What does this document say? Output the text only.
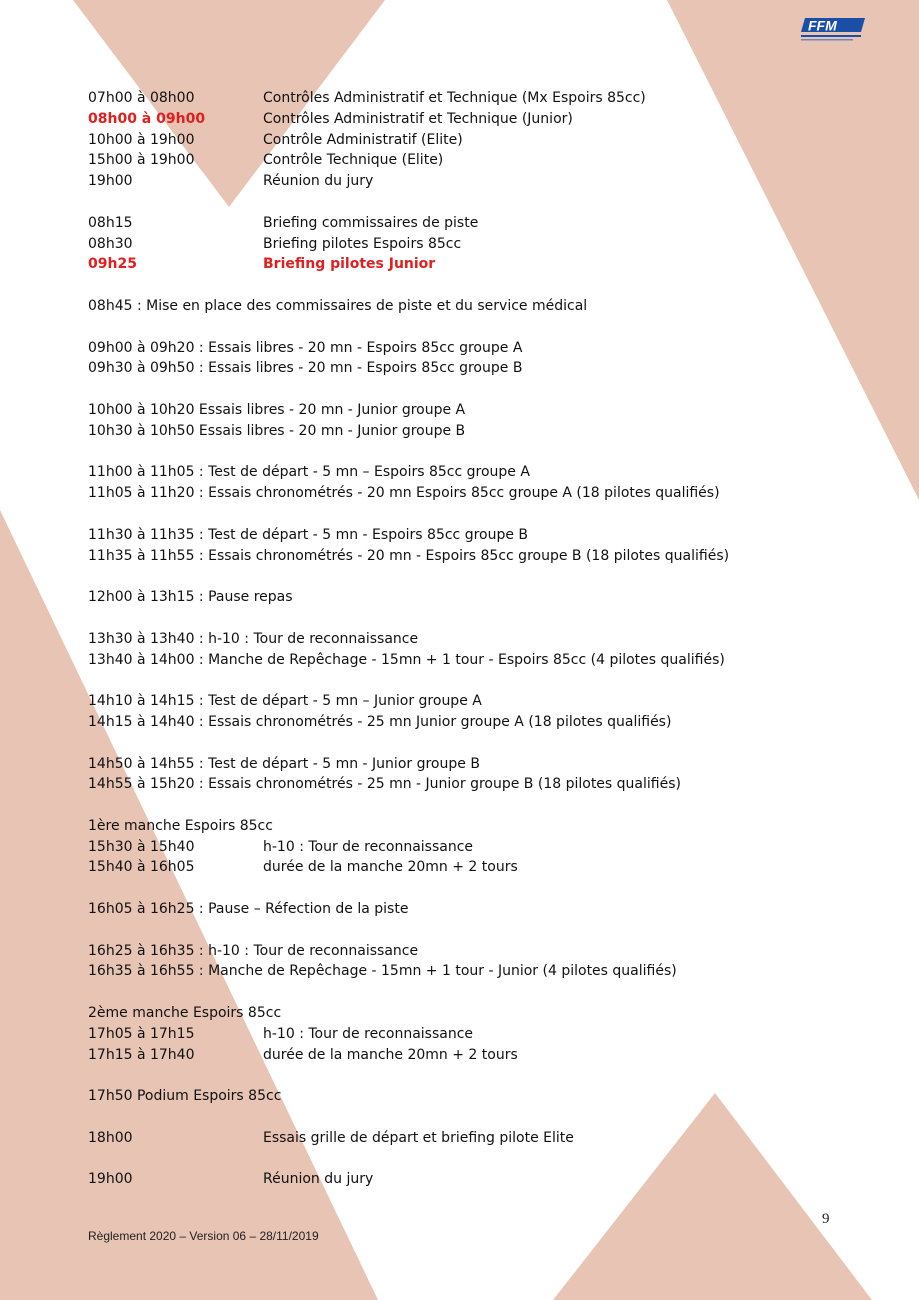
FFM
07h00 à 08h00	Contrôles Administratif et Technique (Mx Espoirs 85cc)
08h00 à 09h00	Contrôles Administratif et Technique (Junior)
10h00 à 19h00	Contrôle Administratif (Elite)
15h00 à 19h00	Contrôle Technique (Elite)
19h00	Réunion du jury
08h15	Briefing commissaires de piste
08h30	Briefing pilotes Espoirs 85cc
09h25	Briefing pilotes Junior
08h45 : Mise en place des commissaires de piste et du service médical
09h00 à 09h20 : Essais libres - 20 mn - Espoirs 85cc groupe A
09h30 à 09h50 : Essais libres - 20 mn - Espoirs 85cc groupe B
10h00 à 10h20 Essais libres - 20 mn - Junior groupe A
10h30 à 10h50 Essais libres - 20 mn - Junior groupe B
11h00 à 11h05 : Test de départ - 5 mn – Espoirs 85cc groupe A
11h05 à 11h20 : Essais chronométrés - 20 mn Espoirs 85cc groupe A (18 pilotes qualifiés)
11h30 à 11h35 : Test de départ - 5 mn - Espoirs 85cc groupe B
11h35 à 11h55 : Essais chronométrés - 20 mn - Espoirs 85cc groupe B (18 pilotes qualifiés)
12h00 à 13h15 : Pause repas
13h30 à 13h40 : h-10 : Tour de reconnaissance
13h40 à 14h00 : Manche de Repêchage - 15mn + 1 tour - Espoirs 85cc (4 pilotes qualifiés)
14h10 à 14h15 : Test de départ - 5 mn – Junior groupe A
14h15 à 14h40 : Essais chronométrés - 25 mn Junior groupe A (18 pilotes qualifiés)
14h50 à 14h55 : Test de départ - 5 mn - Junior groupe B
14h55 à 15h20 : Essais chronométrés - 25 mn - Junior groupe B (18 pilotes qualifiés)
1ère manche Espoirs 85cc
15h30 à 15h40	h-10 : Tour de reconnaissance
15h40 à 16h05	durée de la manche 20mn + 2 tours
16h05 à 16h25 : Pause – Réfection de la piste
16h25 à 16h35 : h-10 : Tour de reconnaissance
16h35 à 16h55 : Manche de Repêchage - 15mn + 1 tour - Junior (4 pilotes qualifiés)
2ème manche Espoirs 85cc
17h05 à 17h15	h-10 : Tour de reconnaissance
17h15 à 17h40	durée de la manche 20mn + 2 tours
17h50 Podium Espoirs 85cc
18h00	Essais grille de départ et briefing pilote Elite
19h00	Réunion du jury
9
Règlement 2020 – Version 06 – 28/11/2019
